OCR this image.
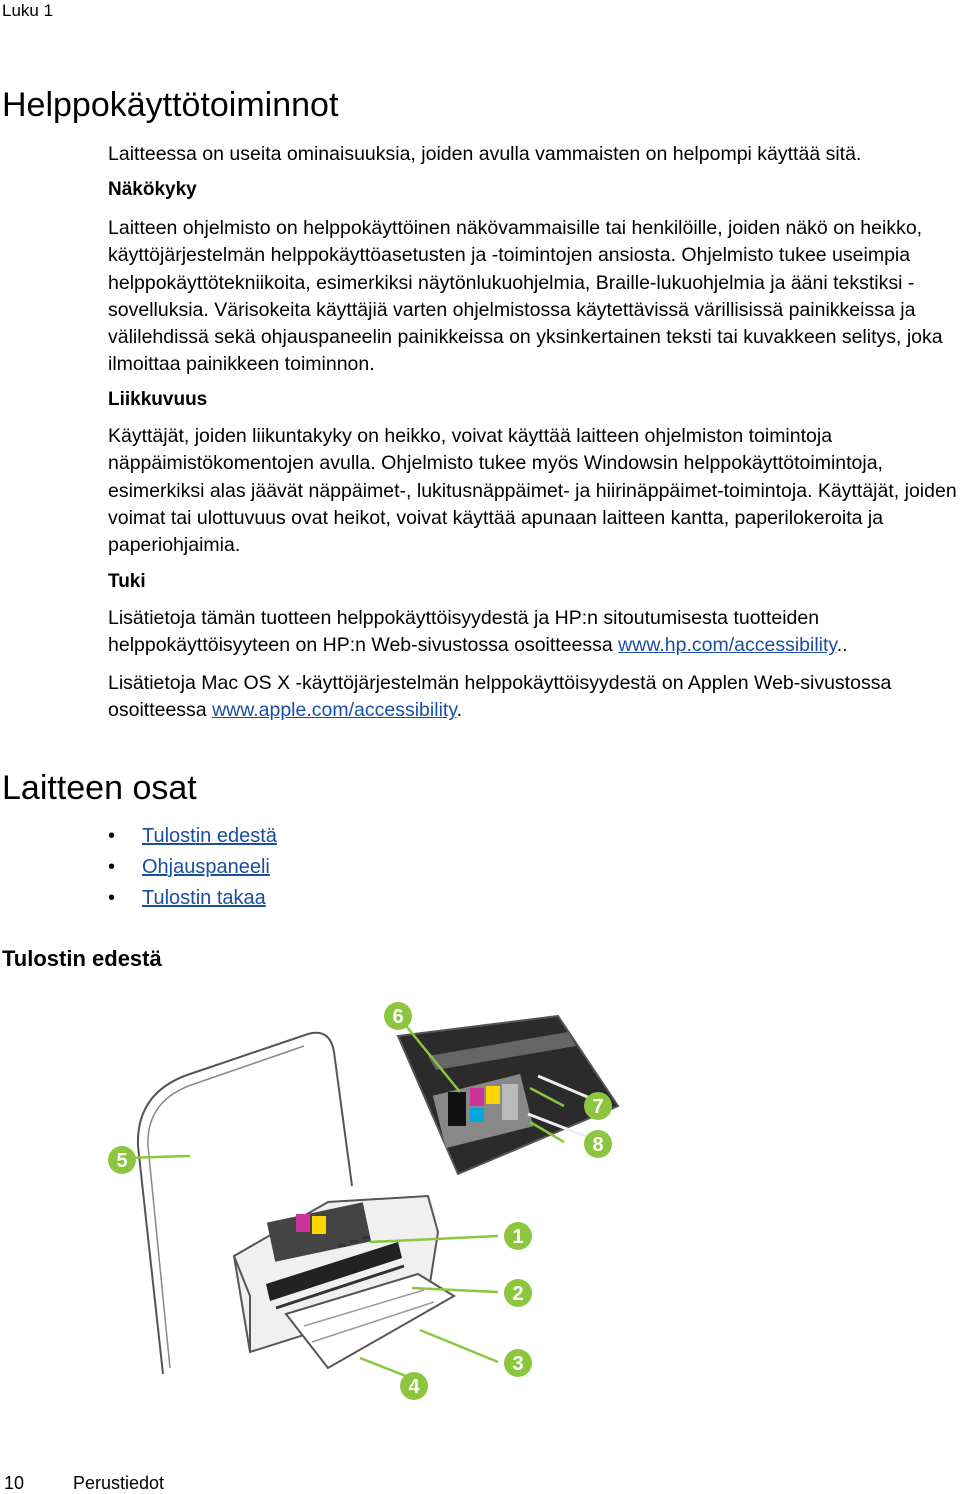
Luku 1
Helppokäyttötoiminnot

Laitteessa on useita ominaisuuksia, joiden avulla vammaisten on helpompi käyttää sitä.

Näkökyky

Laitteen ohjelmisto on helppokäyttöinen näkövammaisille tai henkilöille, joiden näkö on heikko, käyttöjärjestelmän helppokäyttöasetusten ja -toimintojen ansiosta. Ohjelmisto tukee useimpia helppokäyttötekniikoita, esimerkiksi näytönlukuohjelmia, Braille-lukuohjelmia ja ääni tekstiksi -sovelluksia. Värisokeita käyttäjiä varten ohjelmistossa käytettävissä värillisissä painikkeissa ja välilehdissä sekä ohjauspaneelin painikkeissa on yksinkertainen teksti tai kuvakkeen selitys, joka ilmoittaa painikkeen toiminnon.

Liikkuvuus

Käyttäjät, joiden liikuntakyky on heikko, voivat käyttää laitteen ohjelmiston toimintoja näppäimistökomentojen avulla. Ohjelmisto tukee myös Windowsin helppokäyttötoimintoja, esimerkiksi alas jäävät näppäimet-, lukitusnäppäimet- ja hiirinäppäimet-toimintoja. Käyttäjät, joiden voimat tai ulottuvuus ovat heikot, voivat käyttää apunaan laitteen kantta, paperilokeroita ja paperiohjaimia.

Tuki

Lisätietoja tämän tuotteen helppokäyttöisyydestä ja HP:n sitoutumisesta tuotteiden helppokäyttöisyyteen on HP:n Web-sivustossa osoitteessa www.hp.com/accessibility..

Lisätietoja Mac OS X -käyttöjärjestelmän helppokäyttöisyydestä on Applen Web-sivustossa osoitteessa www.apple.com/accessibility.

Laitteen osat
• Tulostin edestä
• Ohjauspaneeli
• Tulostin takaa
Tulostin edestä
6
7
8
5
1
2
3
4
10	Perustiedot
